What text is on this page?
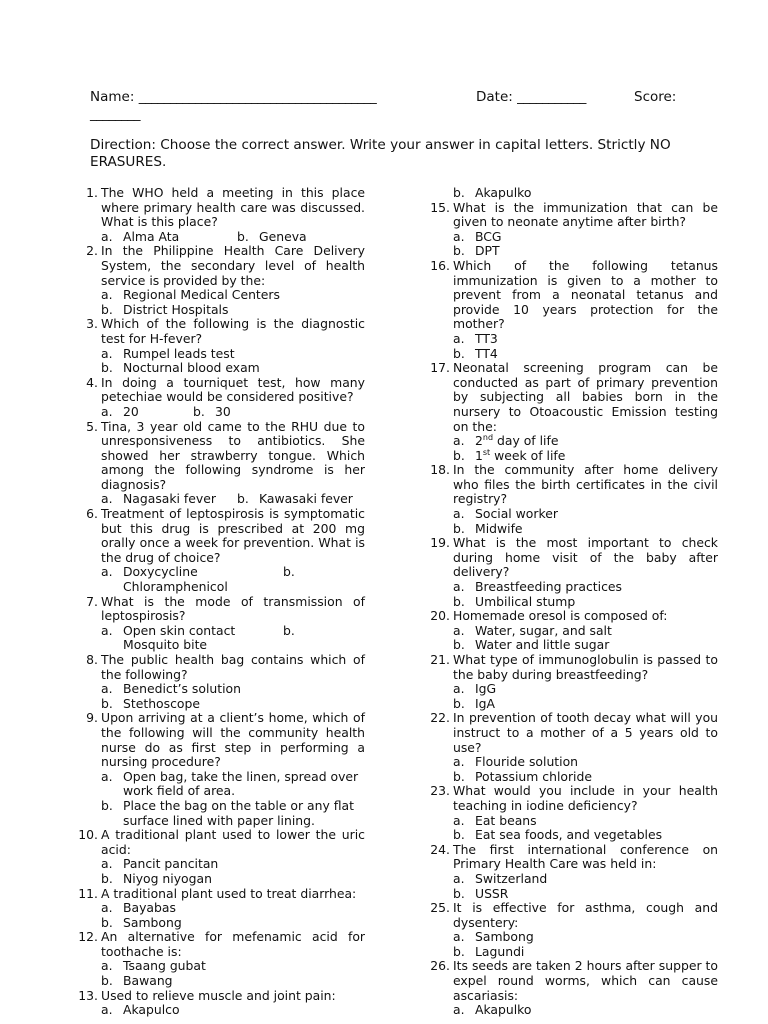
Name: ______________________________________	Date: ___________	Score:
________
Direction: Choose the correct answer. Write your answer in capital letters. Strictly NO ERASURES.
1. The WHO held a meeting in this place where primary health care was discussed. What is this place?
a. Alma Ata	b. Geneva
2. In the Philippine Health Care Delivery System, the secondary level of health service is provided by the:
a. Regional Medical Centers
b. District Hospitals
3. Which of the following is the diagnostic test for H-fever?
a. Rumpel leads test
b. Nocturnal blood exam
4. In doing a tourniquet test, how many petechiae would be considered positive?
a. 20	b. 30
5. Tina, 3 year old came to the RHU due to unresponsiveness to antibiotics. She showed her strawberry tongue. Which among the following syndrome is her diagnosis?
a. Nagasaki fever b. Kawasaki fever
6. Treatment of leptospirosis is symptomatic but this drug is prescribed at 200 mg orally once a week for prevention. What is the drug of choice?
a. Doxycycline	b.
Chloramphenicol
7. What is the mode of transmission of leptospirosis?
a. Open skin contact	b.
Mosquito bite
8. The public health bag contains which of the following?
a. Benedict’s solution
b. Stethoscope
9. Upon arriving at a client’s home, which of the following will the community health nurse do as first step in performing a nursing procedure?
a. Open bag, take the linen, spread over work field of area.
b. Place the bag on the table or any flat surface lined with paper lining.
10. A traditional plant used to lower the uric acid:
a. Pancit pancitan
b. Niyog niyogan
11. A traditional plant used to treat diarrhea:
a. Bayabas
b. Sambong
12. An alternative for mefenamic acid for toothache is:
a. Tsaang gubat
b. Bawang
13. Used to relieve muscle and joint pain:
a. Akapulco
b. Akapulko
15. What is the immunization that can be given to neonate anytime after birth?
a. BCG
b. DPT
16. Which of the following tetanus immunization is given to a mother to prevent from a neonatal tetanus and provide 10 years protection for the mother?
a. TT3
b. TT4
17. Neonatal screening program can be conducted as part of primary prevention by subjecting all babies born in the nursery to Otoacoustic Emission testing on the:
a. 2nd day of life
b. 1st week of life
18. In the community after home delivery who files the birth certificates in the civil registry?
a. Social worker
b. Midwife
19. What is the most important to check during home visit of the baby after delivery?
a. Breastfeeding practices
b. Umbilical stump
20. Homemade oresol is composed of:
a. Water, sugar, and salt
b. Water and little sugar
21. What type of immunoglobulin is passed to the baby during breastfeeding?
a. IgG
b. IgA
22. In prevention of tooth decay what will you instruct to a mother of a 5 years old to use?
a. Flouride solution
b. Potassium chloride
23. What would you include in your health teaching in iodine deficiency?
a. Eat beans
b. Eat sea foods, and vegetables
24. The first international conference on Primary Health Care was held in:
a. Switzerland
b. USSR
25. It is effective for asthma, cough and dysentery:
a. Sambong
b. Lagundi
26. Its seeds are taken 2 hours after supper to expel round worms, which can cause ascariasis:
a. Akapulko
